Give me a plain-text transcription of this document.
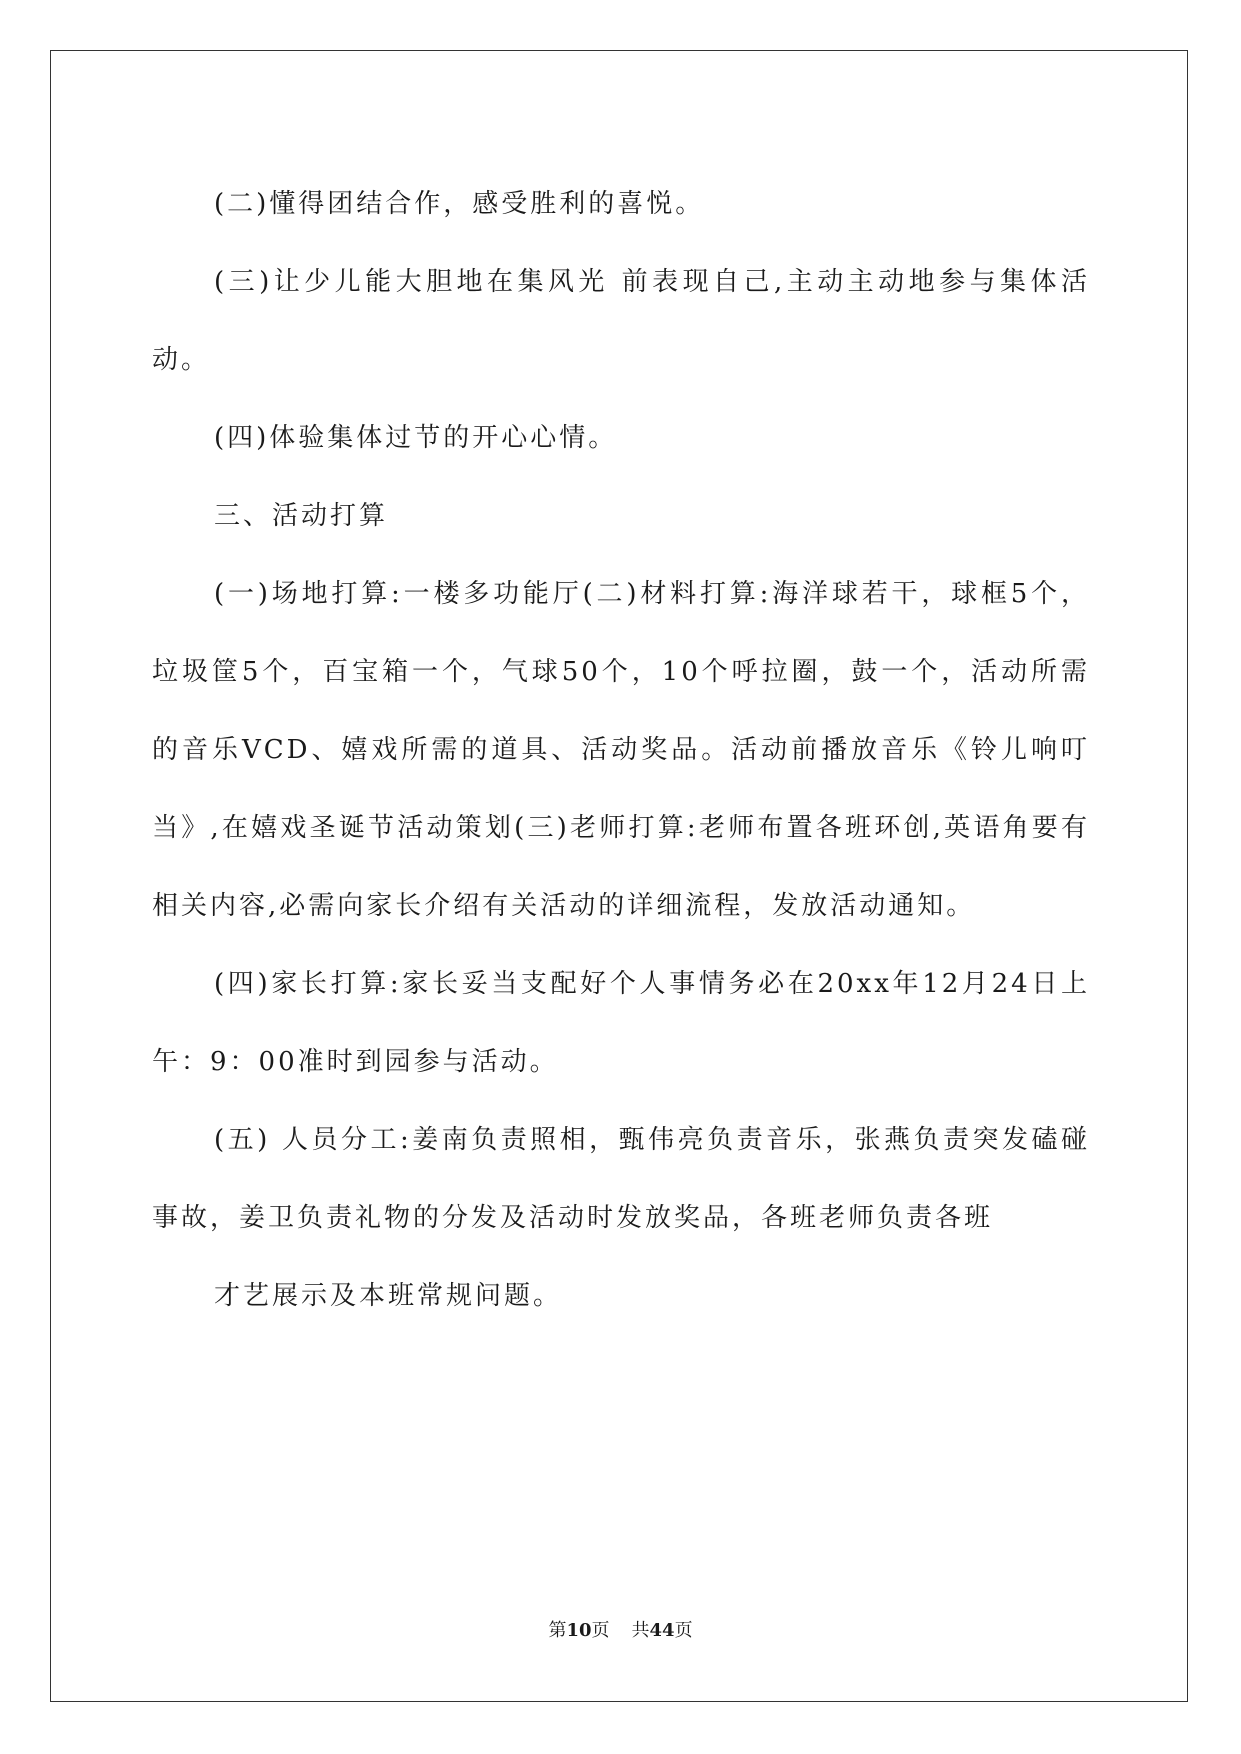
(二)懂得团结合作，感受胜利的喜悦。

(三)让少儿能大胆地在集风光 前表现自己,主动主动地参与集体活动。

(四)体验集体过节的开心心情。

三、活动打算

(一)场地打算:一楼多功能厅(二)材料打算:海洋球若干，球框5个，垃圾筐5个，百宝箱一个，气球50个，10个呼拉圈，鼓一个，活动所需的音乐VCD、嬉戏所需的道具、活动奖品。活动前播放音乐《铃儿响叮当》,在嬉戏圣诞节活动策划(三)老师打算:老师布置各班环创,英语角要有相关内容,必需向家长介绍有关活动的详细流程，发放活动通知。

(四)家长打算:家长妥当支配好个人事情务必在20xx年12月24日上午：9：00准时到园参与活动。

(五) 人员分工:姜南负责照相，甄伟亮负责音乐，张燕负责突发磕碰事故，姜卫负责礼物的分发及活动时发放奖品，各班老师负责各班

才艺展示及本班常规问题。

第10页 共44页
